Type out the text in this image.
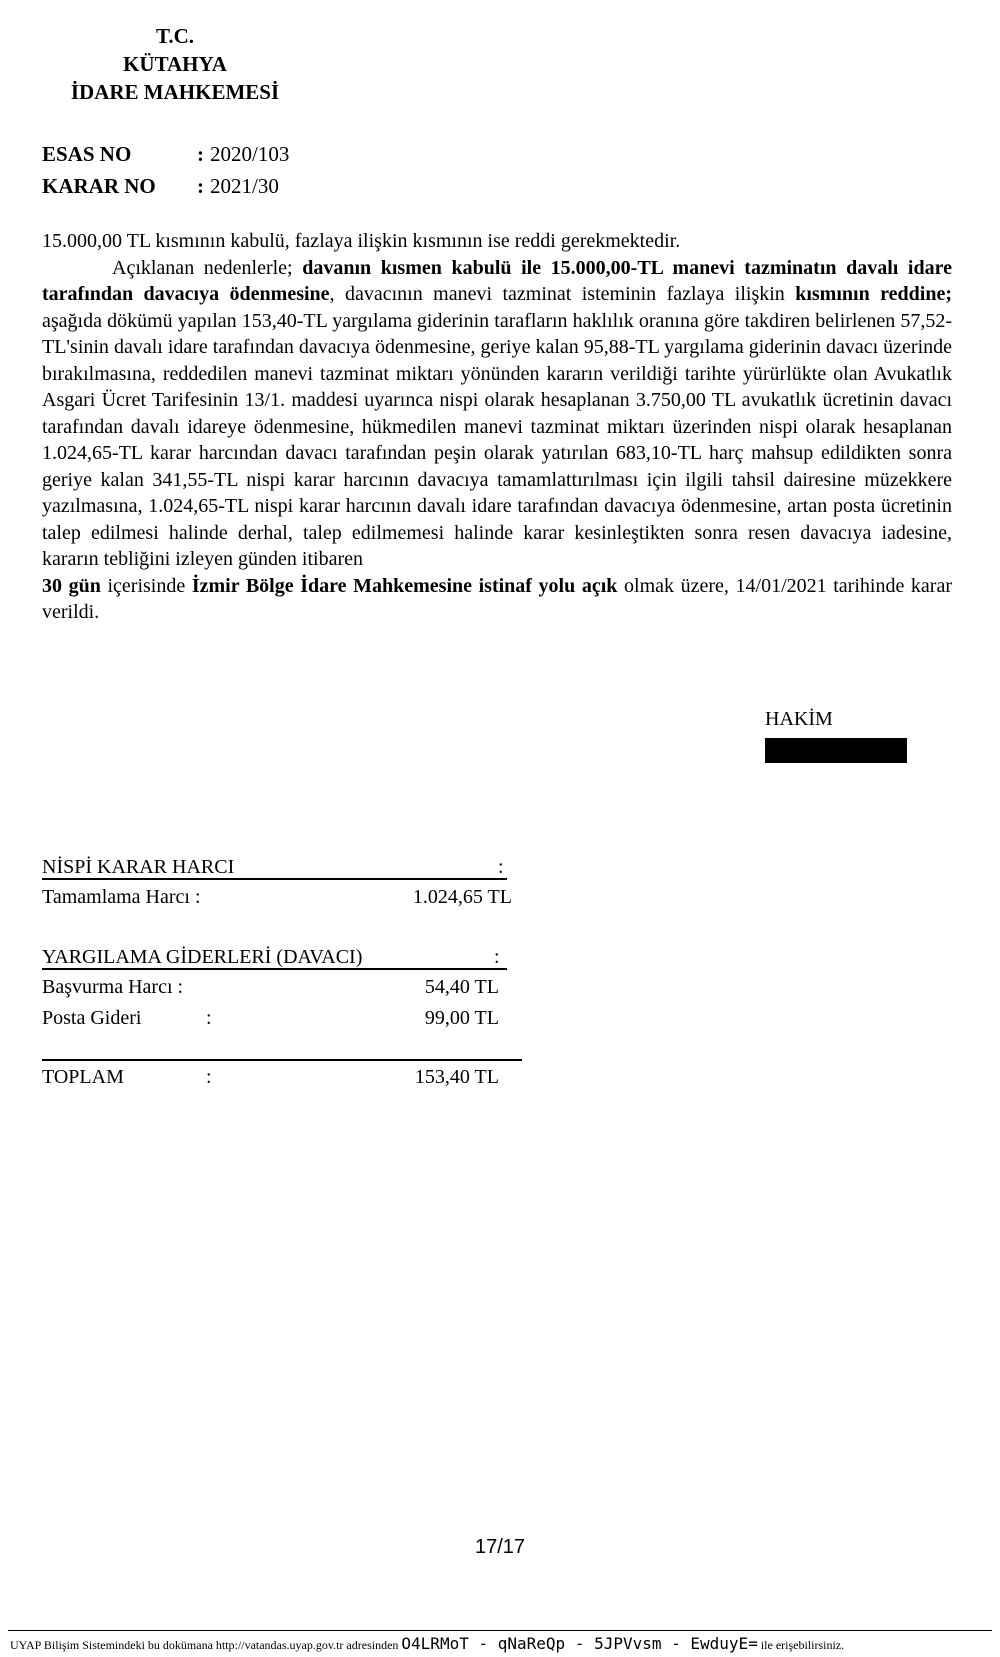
T.C.
KÜTAHYA
İDARE MAHKEMESİ
ESAS NO	: 2020/103
KARAR NO : 2021/30

15.000,00 TL kısmının kabulü, fazlaya ilişkin kısmının ise reddi gerekmektedir.

Açıklanan nedenlerle; davanın kısmen kabulü ile 15.000,00-TL manevi tazminatın davalı idare tarafından davacıya ödenmesine, davacının manevi tazminat isteminin fazlaya ilişkin kısmının reddine; aşağıda dökümü yapılan 153,40-TL yargılama giderinin tarafların haklılık oranına göre takdiren belirlenen 57,52-TL'sinin davalı idare tarafından davacıya ödenmesine, geriye kalan 95,88-TL yargılama giderinin davacı üzerinde bırakılmasına, reddedilen manevi tazminat miktarı yönünden kararın verildiği tarihte yürürlükte olan Avukatlık Asgari Ücret Tarifesinin 13/1. maddesi uyarınca nispi olarak hesaplanan 3.750,00 TL avukatlık ücretinin davacı tarafından davalı idareye ödenmesine, hükmedilen manevi tazminat miktarı üzerinden nispi olarak hesaplanan 1.024,65-TL karar harcından davacı tarafından peşin olarak yatırılan 683,10-TL harç mahsup edildikten sonra geriye kalan 341,55-TL nispi karar harcının davacıya tamamlattırılması için ilgili tahsil dairesine müzekkere yazılmasına, 1.024,65-TL nispi karar harcının davalı idare tarafından davacıya ödenmesine, artan posta ücretinin talep edilmesi halinde derhal, talep edilmemesi halinde karar kesinleştikten sonra resen davacıya iadesine, kararın tebliğini izleyen günden itibaren

30 gün içerisinde İzmir Bölge İdare Mahkemesine istinaf yolu açık olmak üzere, 14/01/2021 tarihinde karar verildi.

HAKİM
NİSPİ KARAR HARCI	:
Tamamlama Harcı :	1.024,65 TL
YARGILAMA GİDERLERİ (DAVACI)	:
Başvurma Harcı :	54,40 TL
Posta Gideri	:	99,00 TL
TOPLAM	:	153,40 TL
17/17
UYAP Bilişim Sistemindeki bu dokümana http://vatandas.uyap.gov.tr adresinden O4LRMoT - qNaReQp - 5JPVvsm - EwduyE= ile erişebilirsiniz.
